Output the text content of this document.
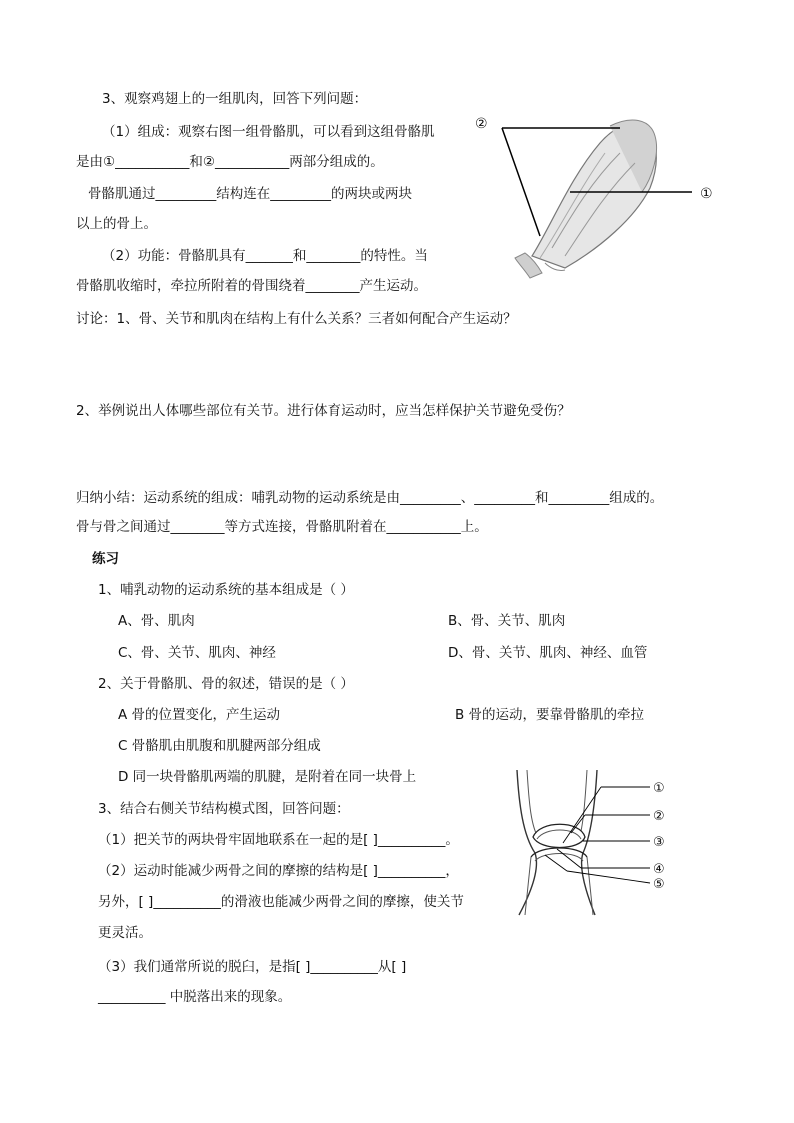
3、观察鸡翅上的一组肌肉，回答下列问题：
（1）组成：观察右图一组骨骼肌，可以看到这组骨骼肌
是由①___________和②___________两部分组成的。
骨骼肌通过_________结构连在_________的两块或两块
以上的骨上。
（2）功能：骨骼肌具有_______和________的特性。当
骨骼肌收缩时，牵拉所附着的骨围绕着________产生运动。
②
①
讨论：1、骨、关节和肌肉在结构上有什么关系？三者如何配合产生运动？
2、举例说出人体哪些部位有关节。进行体育运动时，应当怎样保护关节避免受伤？
归纳小结：运动系统的组成：哺乳动物的运动系统是由_________、_________和_________组成的。
骨与骨之间通过________等方式连接，骨骼肌附着在___________上。
练习
1、哺乳动物的运动系统的基本组成是（ ）
A、骨、肌肉	B、骨、关节、肌肉
C、骨、关节、肌肉、神经	D、骨、关节、肌肉、神经、血管
2、关于骨骼肌、骨的叙述，错误的是（ ）
A 骨的位置变化，产生运动	B 骨的运动，要靠骨骼肌的牵拉
C 骨骼肌由肌腹和肌腱两部分组成
D 同一块骨骼肌两端的肌腱，是附着在同一块骨上
3、结合右侧关节结构模式图，回答问题：
（1）把关节的两块骨牢固地联系在一起的是[ ]__________。
（2）运动时能减少两骨之间的摩擦的结构是[ ]__________，
另外，[ ]__________的滑液也能减少两骨之间的摩擦，使关节
更灵活。
（3）我们通常所说的脱臼，是指[ ]__________从[ ]
__________ 中脱落出来的现象。
①
②
③
④
⑤
